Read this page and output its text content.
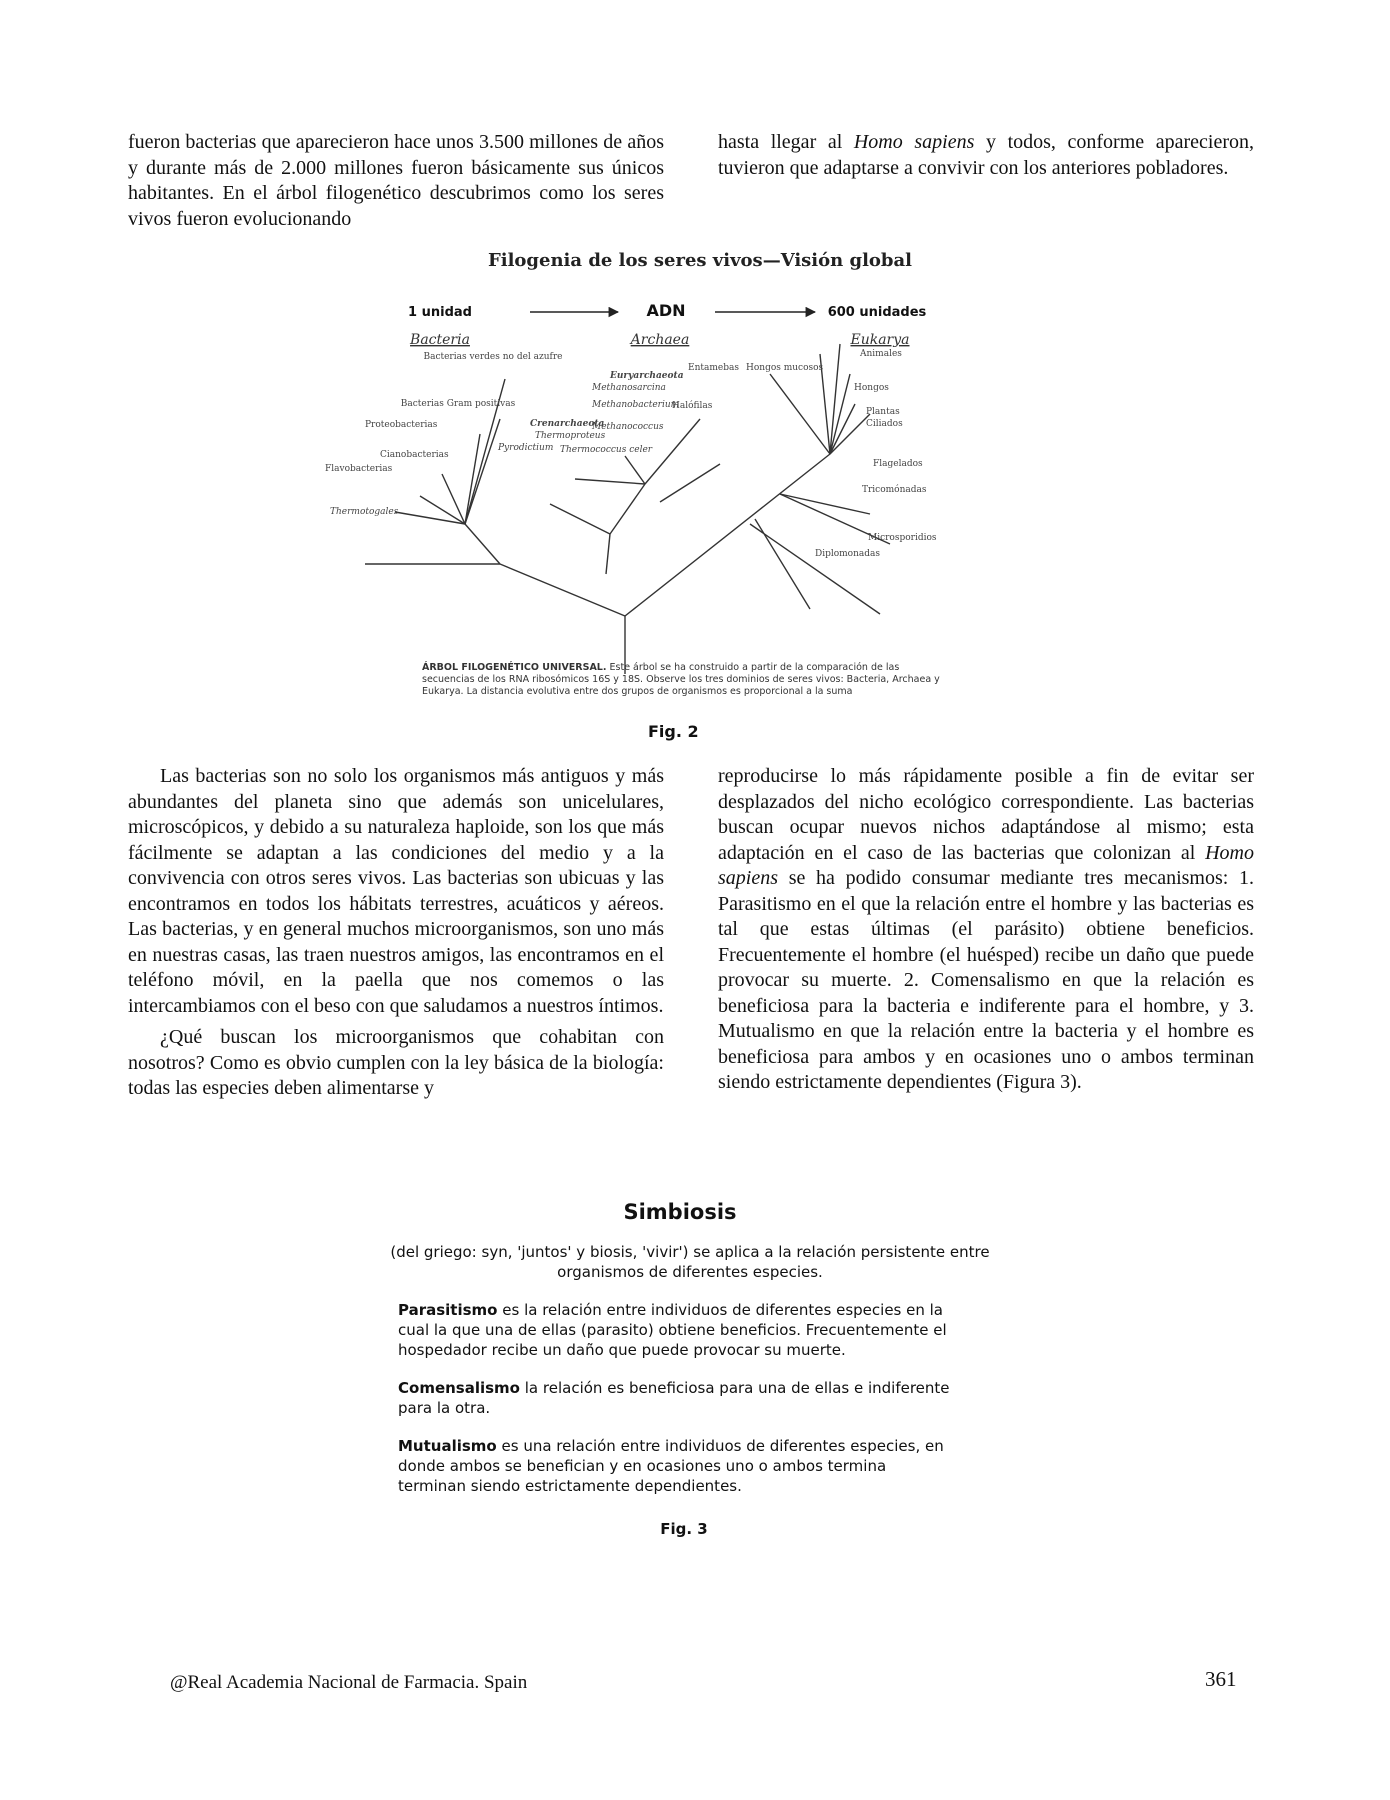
fueron bacterias que aparecieron hace unos 3.500 millones de años y durante más de 2.000 millones fueron básicamente sus únicos habitantes. En el árbol filogenético descubrimos como los seres vivos fueron evolucionando

hasta llegar al Homo sapiens y todos, conforme aparecieron, tuvieron que adaptarse a convivir con los anteriores pobladores.

Filogenia de los seres vivos—Visión global
1 unidad	ADN	600 unidades
Bacteria	Archaea	Eukarya
Bacterias verdes no del azufre
Bacterias Gram positivas
Proteobacterias
Cianobacterias
Flavobacterias
Thermotogales
Euryarchaeota
Methanosarcina
Methanobacterium
Halófilas
Methanococcus
Crenarchaeota
Thermoproteus
Pyrodictium Thermococcus celer
Animales
Entamebas Hongos mucosos
Hongos
Plantas
Ciliados
Flagelados
Tricomónadas
Microsporidios
Diplomonadas
ÁRBOL FILOGENÉTICO UNIVERSAL. Este árbol se ha construido a partir de la comparación de las secuencias de los RNA ribosómicos 16S y 18S. Observe los tres dominios de seres vivos: Bacteria, Archaea y Eukarya. La distancia evolutiva entre dos grupos de organismos es proporcional a la suma
Fig. 2

Las bacterias son no solo los organismos más antiguos y más abundantes del planeta sino que además son unicelulares, microscópicos, y debido a su naturaleza haploide, son los que más fácilmente se adaptan a las condiciones del medio y a la convivencia con otros seres vivos. Las bacterias son ubicuas y las encontramos en todos los hábitats terrestres, acuáticos y aéreos. Las bacterias, y en general muchos microorganismos, son uno más en nuestras casas, las traen nuestros amigos, las encontramos en el teléfono móvil, en la paella que nos comemos o las intercambiamos con el beso con que saludamos a nuestros íntimos.

¿Qué buscan los microorganismos que cohabitan con nosotros? Como es obvio cumplen con la ley básica de la biología: todas las especies deben alimentarse y

reproducirse lo más rápidamente posible a fin de evitar ser desplazados del nicho ecológico correspondiente. Las bacterias buscan ocupar nuevos nichos adaptándose al mismo; esta adaptación en el caso de las bacterias que colonizan al Homo sapiens se ha podido consumar mediante tres mecanismos: 1. Parasitismo en el que la relación entre el hombre y las bacterias es tal que estas últimas (el parásito) obtiene beneficios. Frecuentemente el hombre (el huésped) recibe un daño que puede provocar su muerte. 2. Comensalismo en que la relación es beneficiosa para la bacteria e indiferente para el hombre, y 3. Mutualismo en que la relación entre la bacteria y el hombre es beneficiosa para ambos y en ocasiones uno o ambos terminan siendo estrictamente dependientes (Figura 3).

Simbiosis
(del griego: syn, 'juntos' y biosis, 'vivir') se aplica a la relación persistente entre organismos de diferentes especies.
Parasitismo es la relación entre individuos de diferentes especies en la cual la que una de ellas (parasito) obtiene beneficios. Frecuentemente el hospedador recibe un daño que puede provocar su muerte.
Comensalismo la relación es beneficiosa para una de ellas e indiferente para la otra.
Mutualismo es una relación entre individuos de diferentes especies, en donde ambos se benefician y en ocasiones uno o ambos termina terminan siendo estrictamente dependientes.
Fig. 3
@Real Academia Nacional de Farmacia. Spain	361
